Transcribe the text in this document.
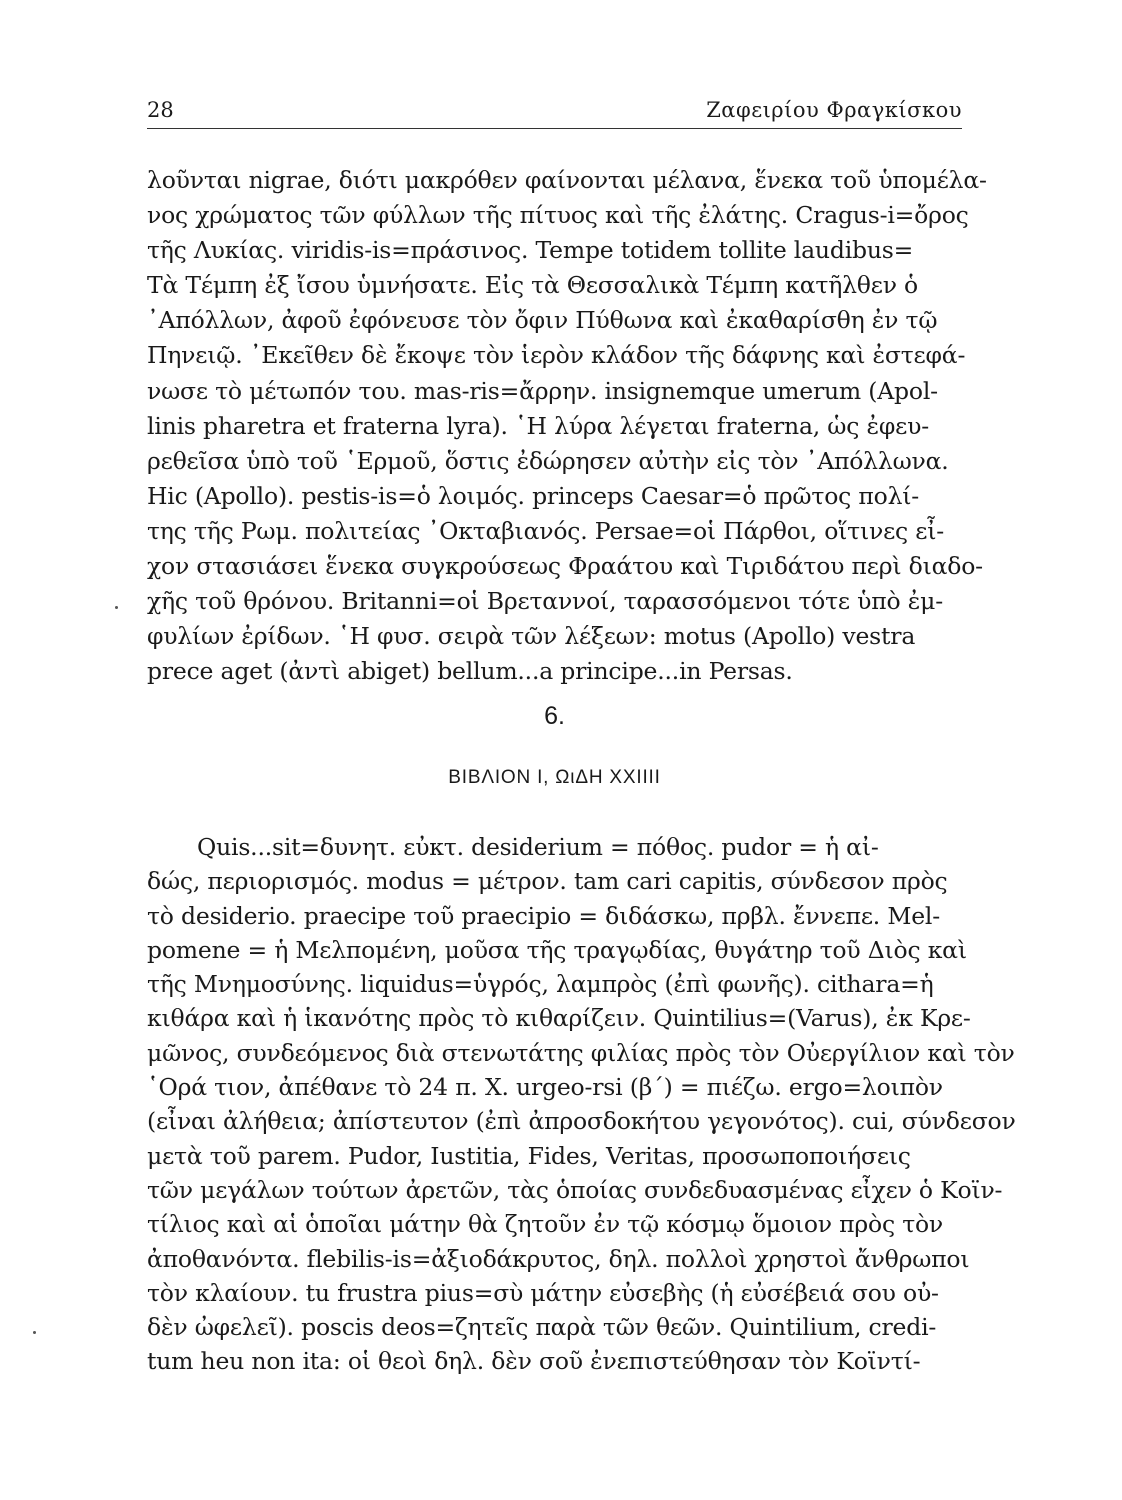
28	Ζαφειρίου Φραγκίσκου
λοῦνται nigrae, διότι μακρόθεν φαίνονται μέλανα, ἕνεκα τοῦ ὑπομέλα-
νος χρώματος τῶν φύλλων τῆς πίτυος καὶ τῆς ἐλάτης. Cragus-i=ὄρος
τῆς Λυκίας. viridis-is=πράσινος. Tempe totidem tollite laudibus=
Τὰ Τέμπη ἐξ ἴσου ὑμνήσατε. Εἰς τὰ Θεσσαλικὰ Τέμπη κατῆλθεν ὁ
᾿Απόλλων, ἀφοῦ ἐφόνευσε τὸν ὄφιν Πύθωνα καὶ ἐκαθαρίσθη ἐν τῷ
Πηνειῷ. ᾿Εκεῖθεν δὲ ἔκοψε τὸν ἱερὸν κλάδον τῆς δάφνης καὶ ἐστεφά-
νωσε τὸ μέτωπόν του. mas-ris=ἄρρην. insignemque umerum (Apol-
linis pharetra et fraterna lyra). ῾Η λύρα λέγεται fraterna, ὡς ἐφευ-
ρεθεῖσα ὑπὸ τοῦ ῾Ερμοῦ, ὅστις ἐδώρησεν αὐτὴν εἰς τὸν ᾿Απόλλωνα.
Hic (Apollo). pestis-is=ὁ λοιμός. princeps Caesar=ὁ πρῶτος πολί-
της τῆς Ρωμ. πολιτείας ᾿Οκταβιανός. Persae=οἱ Πάρθοι, οἵτινες εἶ-
χον στασιάσει ἕνεκα συγκρούσεως Φραάτου καὶ Τιριδάτου περὶ διαδο-
χῆς τοῦ θρόνου. Britanni=οἱ Βρεταννοί, ταρασσόμενοι τότε ὑπὸ ἐμ-
φυλίων ἐρίδων. ῾Η φυσ. σειρὰ τῶν λέξεων: motus (Apollo) vestra
prece aget (ἀντὶ abiget) bellum...a principe...in Persas.
6.
ΒΙΒΛΙΟΝ Ι, ΩιΔΗ XXIIII
Quis...sit=δυνητ. εὐκτ. desiderium = πόθος. pudor = ἡ αἰ-
δώς, περιορισμός. modus = μέτρον. tam cari capitis, σύνδεσον πρὸς
τὸ desiderio. praecipe τοῦ praecipio = διδάσκω, πρβλ. ἔννεπε. Mel-
pomene = ἡ Μελπομένη, μοῦσα τῆς τραγῳδίας, θυγάτηρ τοῦ Διὸς καὶ
τῆς Μνημοσύνης. liquidus=ὑγρός, λαμπρὸς (ἐπὶ φωνῆς). cithara=ἡ
κιθάρα καὶ ἡ ἱκανότης πρὸς τὸ κιθαρίζειν. Quintilius=(Varus), ἐκ Κρε-
μῶνος, συνδεόμενος διὰ στενωτάτης φιλίας πρὸς τὸν Οὐεργίλιον καὶ τὸν
῾Ορά τιον, ἀπέθανε τὸ 24 π. Χ. urgeo-rsi (β΄) = πιέζω. ergo=λοιπὸν
(εἶναι ἀλήθεια; ἀπίστευτον (ἐπὶ ἀπροσδοκήτου γεγονότος). cui, σύνδεσον
μετὰ τοῦ parem. Pudor, Iustitia, Fides, Veritas, προσωποποιήσεις
τῶν μεγάλων τούτων ἀρετῶν, τὰς ὁποίας συνδεδυασμένας εἶχεν ὁ Κοϊν-
τίλιος καὶ αἱ ὁποῖαι μάτην θὰ ζητοῦν ἐν τῷ κόσμῳ ὅμοιον πρὸς τὸν
ἀποθανόντα. flebilis-is=ἀξιοδάκρυτος, δηλ. πολλοὶ χρηστοὶ ἄνθρωποι
τὸν κλαίουν. tu frustra pius=σὺ μάτην εὐσεβὴς (ἡ εὐσέβειά σου οὐ-
δὲν ὠφελεῖ). poscis deos=ζητεῖς παρὰ τῶν θεῶν. Quintilium, credi-
tum heu non ita: οἱ θεοὶ δηλ. δὲν σοῦ ἐνεπιστεύθησαν τὸν Κοϊντί-
